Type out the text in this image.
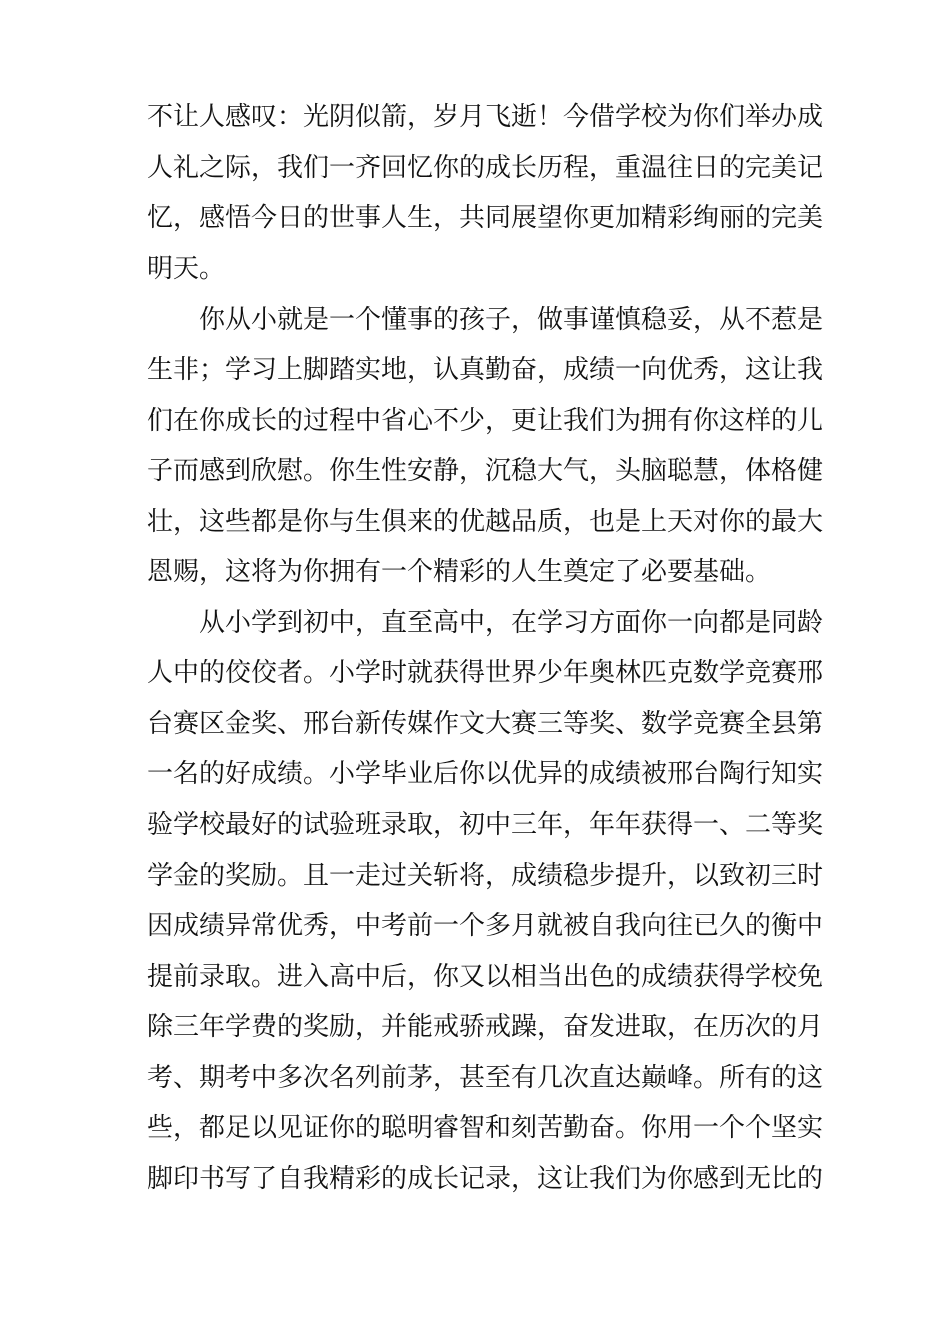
不让人感叹：光阴似箭，岁月飞逝！今借学校为你们举办成
人礼之际，我们一齐回忆你的成长历程，重温往日的完美记
忆，感悟今日的世事人生，共同展望你更加精彩绚丽的完美
明天。
你从小就是一个懂事的孩子，做事谨慎稳妥，从不惹是
生非；学习上脚踏实地，认真勤奋，成绩一向优秀，这让我
们在你成长的过程中省心不少，更让我们为拥有你这样的儿
子而感到欣慰。你生性安静，沉稳大气，头脑聪慧，体格健
壮，这些都是你与生俱来的优越品质，也是上天对你的最大
恩赐，这将为你拥有一个精彩的人生奠定了必要基础。
从小学到初中，直至高中，在学习方面你一向都是同龄
人中的佼佼者。小学时就获得世界少年奥林匹克数学竞赛邢
台赛区金奖、邢台新传媒作文大赛三等奖、数学竞赛全县第
一名的好成绩。小学毕业后你以优异的成绩被邢台陶行知实
验学校最好的试验班录取，初中三年，年年获得一、二等奖
学金的奖励。且一走过关斩将，成绩稳步提升，以致初三时
因成绩异常优秀，中考前一个多月就被自我向往已久的衡中
提前录取。进入高中后，你又以相当出色的成绩获得学校免
除三年学费的奖励，并能戒骄戒躁，奋发进取，在历次的月
考、期考中多次名列前茅，甚至有几次直达巅峰。所有的这
些，都足以见证你的聪明睿智和刻苦勤奋。你用一个个坚实
脚印书写了自我精彩的成长记录，这让我们为你感到无比的
